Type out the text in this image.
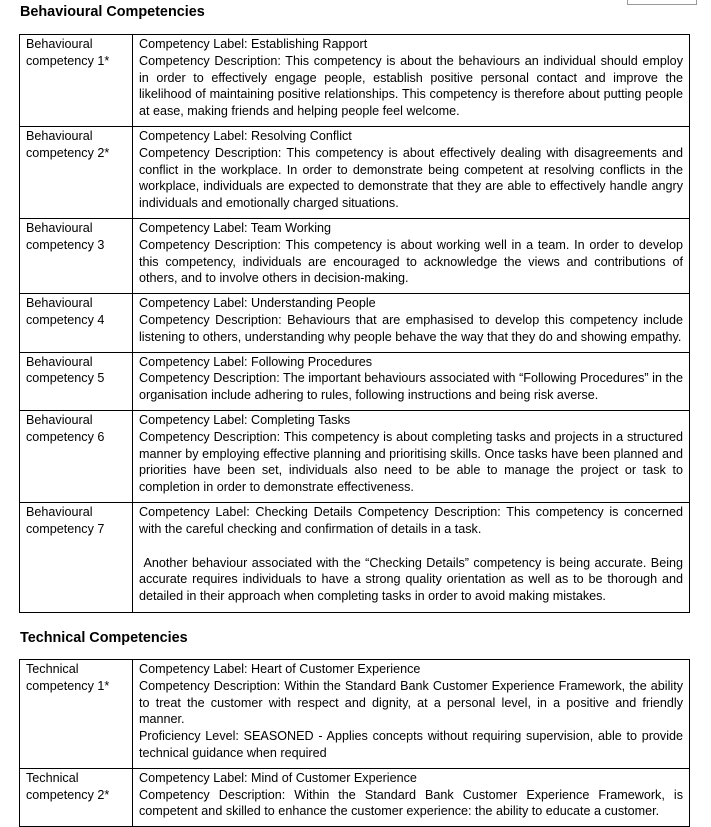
Behavioural Competencies
Behavioural competency 1*	Competency Label: Establishing Rapport
Competency Description: This competency is about the behaviours an individual should employ in order to effectively engage people, establish positive personal contact and improve the likelihood of maintaining positive relationships. This competency is therefore about putting people at ease, making friends and helping people feel welcome.

Behavioural competency 2*	Competency Label: Resolving Conflict
Competency Description: This competency is about effectively dealing with disagreements and conflict in the workplace. In order to demonstrate being competent at resolving conflicts in the workplace, individuals are expected to demonstrate that they are able to effectively handle angry individuals and emotionally charged situations.

Behavioural competency 3	Competency Label: Team Working
Competency Description: This competency is about working well in a team. In order to develop this competency, individuals are encouraged to acknowledge the views and contributions of others, and to involve others in decision-making.

Behavioural competency 4	Competency Label: Understanding People
Competency Description: Behaviours that are emphasised to develop this competency include listening to others, understanding why people behave the way that they do and showing empathy.

Behavioural competency 5	Competency Label: Following Procedures
Competency Description: The important behaviours associated with “Following Procedures” in the organisation include adhering to rules, following instructions and being risk averse.

Behavioural competency 6	Competency Label: Completing Tasks
Competency Description: This competency is about completing tasks and projects in a structured manner by employing effective planning and prioritising skills. Once tasks have been planned and priorities have been set, individuals also need to be able to manage the project or task to completion in order to demonstrate effectiveness.

Behavioural competency 7	Competency Label: Checking Details Competency Description: This competency is concerned with the careful checking and confirmation of details in a task.
Another behaviour associated with the “Checking Details” competency is being accurate. Being accurate requires individuals to have a strong quality orientation as well as to be thorough and detailed in their approach when completing tasks in order to avoid making mistakes.
Technical Competencies
Technical competency 1*	Competency Label: Heart of Customer Experience
Competency Description: Within the Standard Bank Customer Experience Framework, the ability to treat the customer with respect and dignity, at a personal level, in a positive and friendly manner.
Proficiency Level: SEASONED - Applies concepts without requiring supervision, able to provide technical guidance when required

Technical competency 2*	Competency Label: Mind of Customer Experience
Competency Description: Within the Standard Bank Customer Experience Framework, is competent and skilled to enhance the customer experience: the ability to educate a customer.
